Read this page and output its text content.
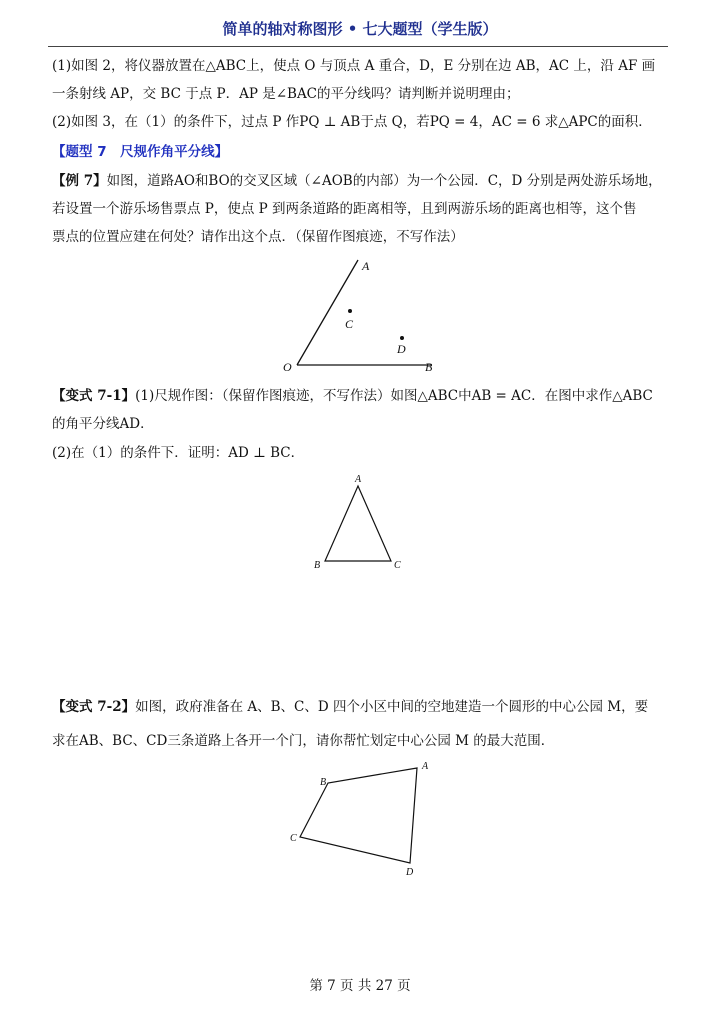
简单的轴对称图形 • 七大题型（学生版）
(1)如图 2，将仪器放置在△ABC上，使点 O 与顶点 A 重合，D，E 分别在边 AB，AC 上，沿 AF 画
一条射线 AP，交 BC 于点 P．AP 是∠BAC的平分线吗？请判断并说明理由；
(2)如图 3，在（1）的条件下，过点 P 作PQ ⊥ AB于点 Q，若PQ = 4，AC = 6 求△APC的面积．
【题型 7　尺规作角平分线】
【例 7】如图，道路AO和BO的交叉区域（∠AOB的内部）为一个公园．C，D 分别是两处游乐场地，
若设置一个游乐场售票点 P，使点 P 到两条道路的距离相等，且到两游乐场的距离也相等，这个售
票点的位置应建在何处？请作出这个点．（保留作图痕迹，不写作法）
A
B
O
C
D
【变式 7-1】(1)尺规作图：（保留作图痕迹，不写作法）如图△ABC中AB = AC．在图中求作△ABC
的角平分线AD．
(2)在（1）的条件下．证明：AD ⊥ BC．
A
B	C
【变式 7-2】如图，政府准备在 A、B、C、D 四个小区中间的空地建造一个圆形的中心公园 M，要
求在AB、BC、CD三条道路上各开一个门，请你帮忙划定中心公园 M 的最大范围．
A
B
C
D
第 7 页 共 27 页
